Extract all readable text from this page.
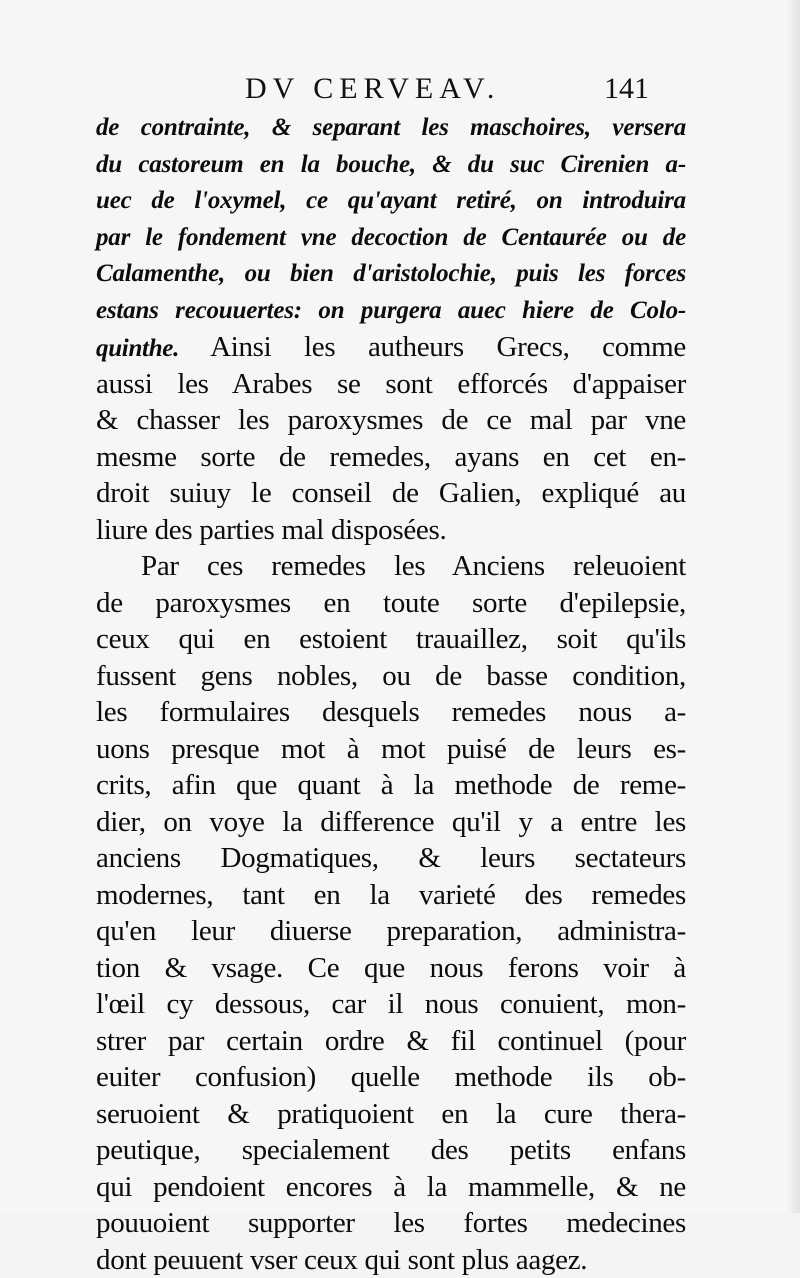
DV CERVEAV.	141
de contrainte, & separant les maschoires, versera
du castoreum en la bouche, & du suc Cirenien a-
uec de l'oxymel, ce qu'ayant retiré, on introduira
par le fondement vne decoction de Centaurée ou de
Calamenthe, ou bien d'aristolochie, puis les forces
estans recouuertes: on purgera auec hiere de Colo-
quinthe. Ainsi les autheurs Grecs, comme
aussi les Arabes se sont efforcés d'appaiser
& chasser les paroxysmes de ce mal par vne
mesme sorte de remedes, ayans en cet en-
droit suiuy le conseil de Galien, expliqué au
liure des parties mal disposées.
Par ces remedes les Anciens releuoient
de paroxysmes en toute sorte d'epilepsie,
ceux qui en estoient trauaillez, soit qu'ils
fussent gens nobles, ou de basse condition,
les formulaires desquels remedes nous a-
uons presque mot à mot puisé de leurs es-
crits, afin que quant à la methode de reme-
dier, on voye la difference qu'il y a entre les
anciens Dogmatiques, & leurs sectateurs
modernes, tant en la varieté des remedes
qu'en leur diuerse preparation, administra-
tion & vsage. Ce que nous ferons voir à
l'œil cy dessous, car il nous conuient, mon-
strer par certain ordre & fil continuel (pour
euiter confusion) quelle methode ils ob-
seruoient & pratiquoient en la cure thera-
peutique, specialement des petits enfans
qui pendoient encores à la mammelle, & ne
pouuoient supporter les fortes medecines
dont peuuent vser ceux qui sont plus aagez.
